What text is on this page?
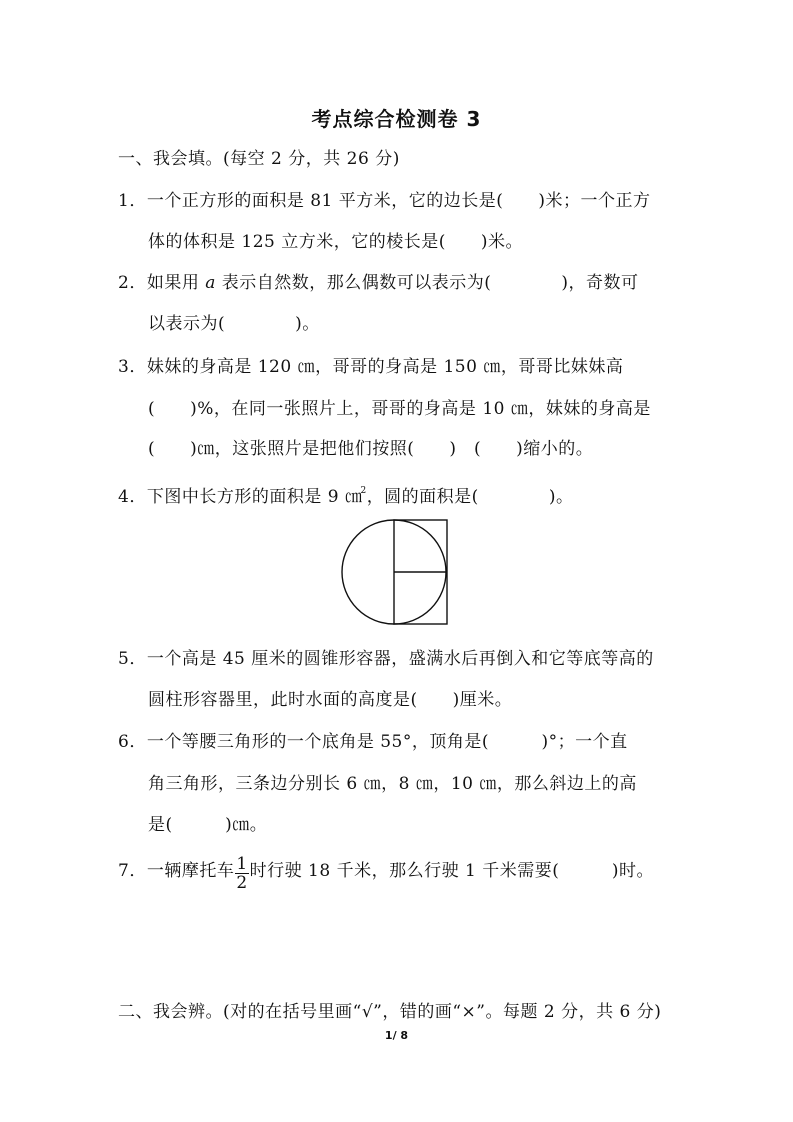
考点综合检测卷 3
一、我会填。(每空 2 分，共 26 分)
1．一个正方形的面积是 81 平方米，它的边长是(　　)米；一个正方
体的体积是 125 立方米，它的棱长是(　　)米。
2．如果用 a 表示自然数，那么偶数可以表示为(　　　　)，奇数可
以表示为(　　　　)。
3．妹妹的身高是 120 ㎝，哥哥的身高是 150 ㎝，哥哥比妹妹高
(　　)%，在同一张照片上，哥哥的身高是 10 ㎝，妹妹的身高是
(　　)㎝，这张照片是把他们按照(　　)　(　　)缩小的。
4．下图中长方形的面积是 9 ㎝$^2$，圆的面积是(　　　　)。
5．一个高是 45 厘米的圆锥形容器，盛满水后再倒入和它等底等高的
圆柱形容器里，此时水面的高度是(　　)厘米。
6．一个等腰三角形的一个底角是 55°，顶角是(　　　)°；一个直
角三角形，三条边分别长 6 ㎝，8 ㎝，10 ㎝，那么斜边上的高
是(　　　)㎝。
7．一辆摩托车 $\frac{1}{2}$ 时行驶 18 千米，那么行驶 1 千米需要(　　　)时。
二、我会辨。(对的在括号里画“√”，错的画“×”。每题 2 分，共 6 分)
1/ 8
